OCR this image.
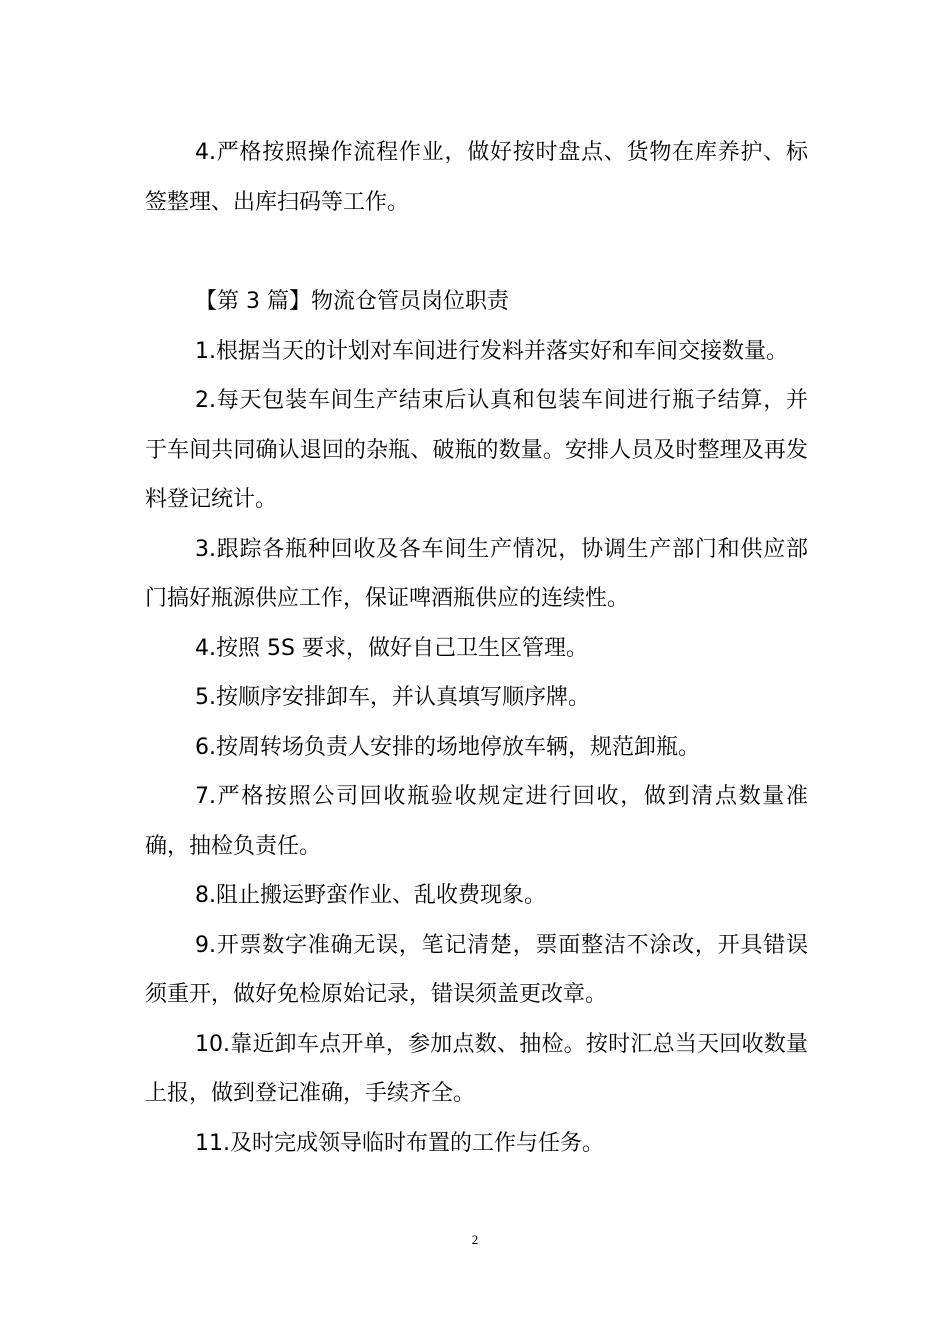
4.严格按照操作流程作业，做好按时盘点、货物在库养护、标签整理、出库扫码等工作。

【第 3 篇】物流仓管员岗位职责

1.根据当天的计划对车间进行发料并落实好和车间交接数量。

2.每天包装车间生产结束后认真和包装车间进行瓶子结算，并于车间共同确认退回的杂瓶、破瓶的数量。安排人员及时整理及再发料登记统计。

3.跟踪各瓶种回收及各车间生产情况，协调生产部门和供应部门搞好瓶源供应工作，保证啤酒瓶供应的连续性。

4.按照 5S 要求，做好自己卫生区管理。

5.按顺序安排卸车，并认真填写顺序牌。

6.按周转场负责人安排的场地停放车辆，规范卸瓶。

7.严格按照公司回收瓶验收规定进行回收，做到清点数量准确，抽检负责任。

8.阻止搬运野蛮作业、乱收费现象。

9.开票数字准确无误，笔记清楚，票面整洁不涂改，开具错误须重开，做好免检原始记录，错误须盖更改章。

10.靠近卸车点开单，参加点数、抽检。按时汇总当天回收数量上报，做到登记准确，手续齐全。

11.及时完成领导临时布置的工作与任务。

2
